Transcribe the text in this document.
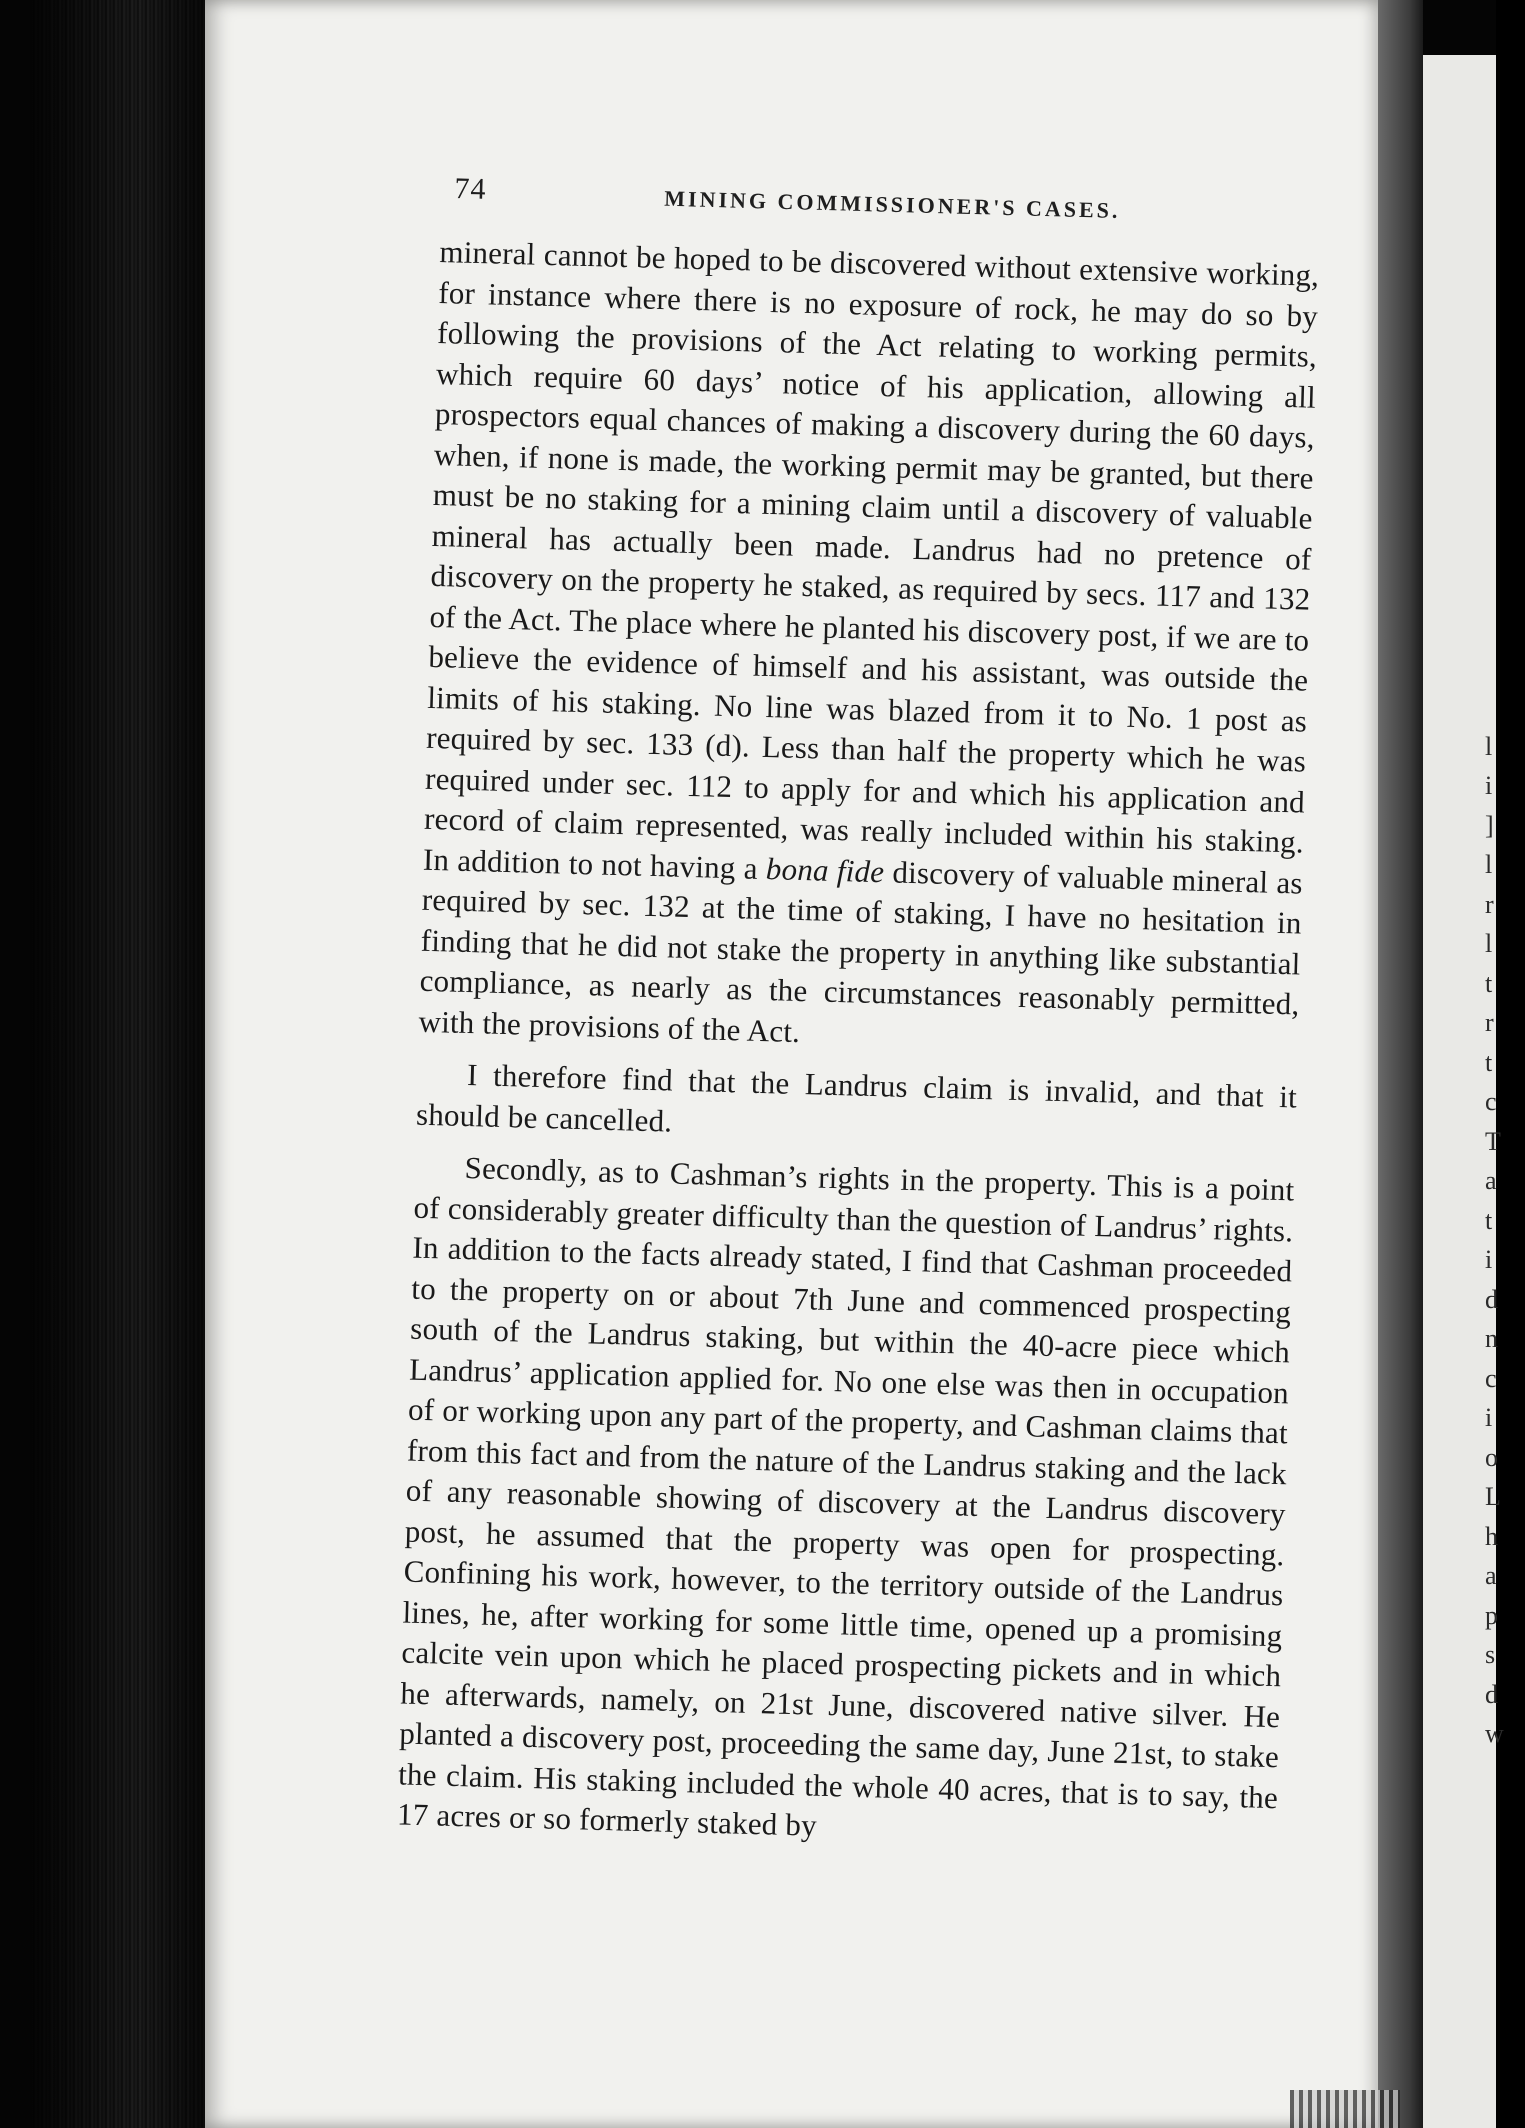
l
i
]
l
r
l
t
r
t
c
T
a
t
i
d
n
c
i
o
L
h
a
p
s
d
w
74	MINING COMMISSIONER'S CASES.

mineral cannot be hoped to be discovered without extensive working, for instance where there is no exposure of rock, he may do so by following the provisions of the Act relating to working permits, which require 60 days’ notice of his application, allowing all prospectors equal chances of making a discovery during the 60 days, when, if none is made, the working permit may be granted, but there must be no staking for a mining claim until a discovery of valuable mineral has actually been made. Landrus had no pretence of discovery on the property he staked, as required by secs. 117 and 132 of the Act. The place where he planted his discovery post, if we are to believe the evidence of himself and his assistant, was outside the limits of his staking. No line was blazed from it to No. 1 post as required by sec. 133 (d). Less than half the property which he was required under sec. 112 to apply for and which his application and record of claim represented, was really included within his staking. In addition to not having a bona fide discovery of valuable mineral as required by sec. 132 at the time of staking, I have no hesitation in finding that he did not stake the property in anything like substantial compliance, as nearly as the circumstances reasonably permitted, with the provisions of the Act.

I therefore find that the Landrus claim is invalid, and that it should be cancelled.

Secondly, as to Cashman’s rights in the property. This is a point of considerably greater difficulty than the question of Landrus’ rights. In addition to the facts already stated, I find that Cashman proceeded to the property on or about 7th June and commenced prospecting south of the Landrus staking, but within the 40-acre piece which Landrus’ application applied for. No one else was then in occupation of or working upon any part of the property, and Cashman claims that from this fact and from the nature of the Landrus staking and the lack of any reasonable showing of discovery at the Landrus discovery post, he assumed that the property was open for prospecting. Confining his work, however, to the territory outside of the Landrus lines, he, after working for some little time, opened up a promising calcite vein upon which he placed prospecting pickets and in which he afterwards, namely, on 21st June, discovered native silver. He planted a discovery post, proceeding the same day, June 21st, to stake the claim. His staking included the whole 40 acres, that is to say, the 17 acres or so formerly staked by
